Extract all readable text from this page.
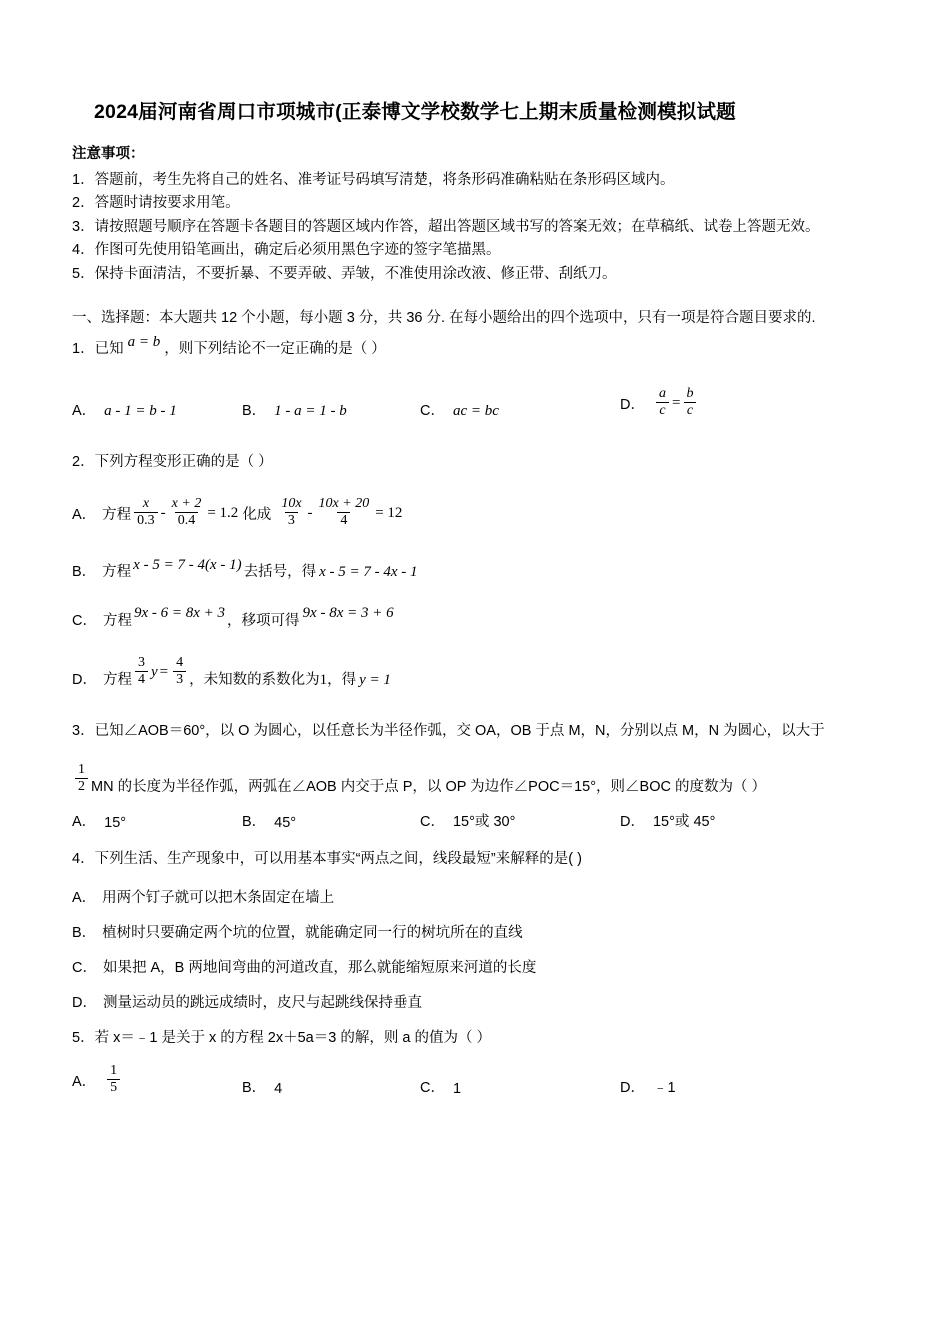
2024届河南省周口市项城市(正泰博文学校数学七上期末质量检测模拟试题
注意事项：
1．答题前，考生先将自己的姓名、准考证号码填写清楚，将条形码准确粘贴在条形码区域内。
2．答题时请按要求用笔。
3．请按照题号顺序在答题卡各题目的答题区域内作答，超出答题区域书写的答案无效；在草稿纸、试卷上答题无效。
4．作图可先使用铅笔画出，确定后必须用黑色字迹的签字笔描黑。
5．保持卡面清洁，不要折暴、不要弄破、弄皱，不准使用涂改液、修正带、刮纸刀。
一、选择题：本大题共 12 个小题，每小题 3 分，共 36 分. 在每小题给出的四个选项中，只有一项是符合题目要求的.
1．已知 a = b ，则下列结论不一定正确的是（ ）
A． a - 1 = b - 1	B． 1 - a = 1 - b	C． ac = bc	D． $\frac{a}{c} = \frac{b}{c}$
2．下列方程变形正确的是（ ）
A． 方程 $\frac{x}{0.3} - \frac{x + 2}{0.4} = 1.2$ 化成 $\frac{10x}{3} - \frac{10x + 20}{4} = 12$
B． 方程 x - 5 = 7 - 4(x - 1) 去括号，得 x - 5 = 7 - 4x - 1
C． 方程 9x - 6 = 8x + 3 ，移项可得 9x - 8x = 3 + 6
D． 方程 $\frac{3}{4}$ $y = \frac{4}{3}$ ，未知数的系数化为 1 ，得 y = 1
3．已知∠AOB＝60°，以 O 为圆心，以任意长为半径作弧，交 OA，OB 于点 M，N，分别以点 M，N 为圆心，以大于
$\frac{1}{2}$ MN 的长度为半径作弧，两弧在∠AOB 内交于点 P，以 OP 为边作∠POC＝15°，则∠BOC 的度数为（ ）
A． 15°	B． 45°	C． 15°或 30°	D． 15°或 45°
4．下列生活、生产现象中，可以用基本事实“两点之间，线段最短”来解释的是( )
A． 用两个钉子就可以把木条固定在墙上
B． 植树时只要确定两个坑的位置，就能确定同一行的树坑所在的直线
C． 如果把 A，B 两地间弯曲的河道改直，那么就能缩短原来河道的长度
D． 测量运动员的跳远成绩时，皮尺与起跳线保持垂直
5．若 x＝﹣1 是关于 x 的方程 2x＋5a＝3 的解，则 a 的值为（ ）
A． $\frac{1}{5}$	B． 4	C． 1	D． ﹣1
